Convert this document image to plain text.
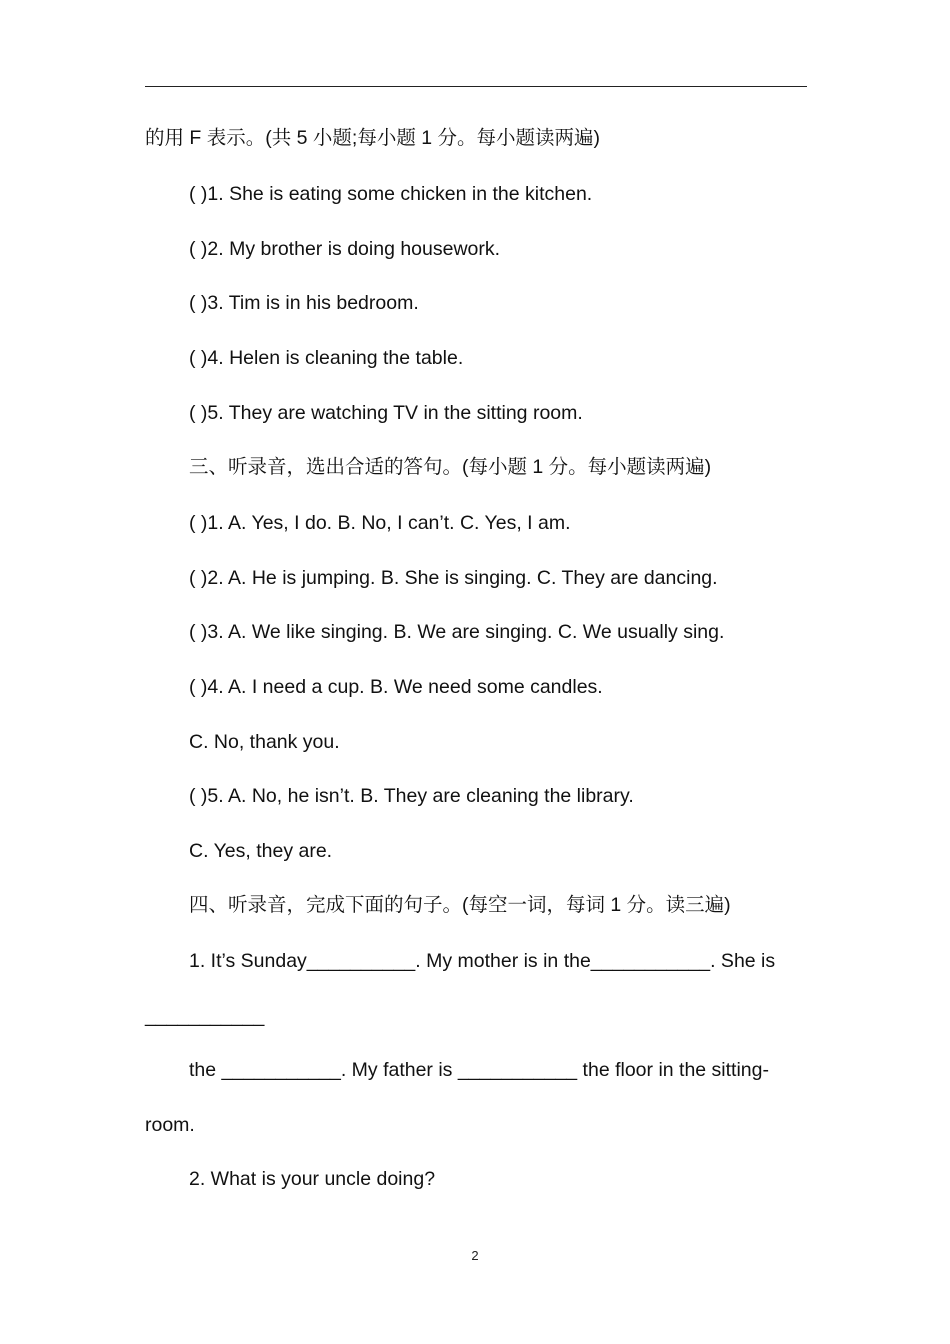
的用 F 表示。(共 5 小题;每小题 1 分。每小题读两遍)
( )1. She is eating some chicken in the kitchen.
( )2. My brother is doing housework.
( )3. Tim is in his bedroom.
( )4. Helen is cleaning the table.
( )5. They are watching TV in the sitting room.
三、听录音，选出合适的答句。(每小题 1 分。每小题读两遍)
( )1. A. Yes, I do. B. No, I can’t. C. Yes, I am.
( )2. A. He is jumping. B. She is singing. C. They are dancing.
( )3. A. We like singing. B. We are singing. C. We usually sing.
( )4. A. I need a cup. B. We need some candles.
C. No, thank you.
( )5. A. No, he isn’t. B. They are cleaning the library.
C. Yes, they are.
四、听录音，完成下面的句子。(每空一词，每词 1 分。读三遍)
1. It’s Sunday__________. My mother is in the___________. She is
___________
the ___________. My father is ___________ the floor in the sitting-
room.
2. What is your uncle doing?
2
